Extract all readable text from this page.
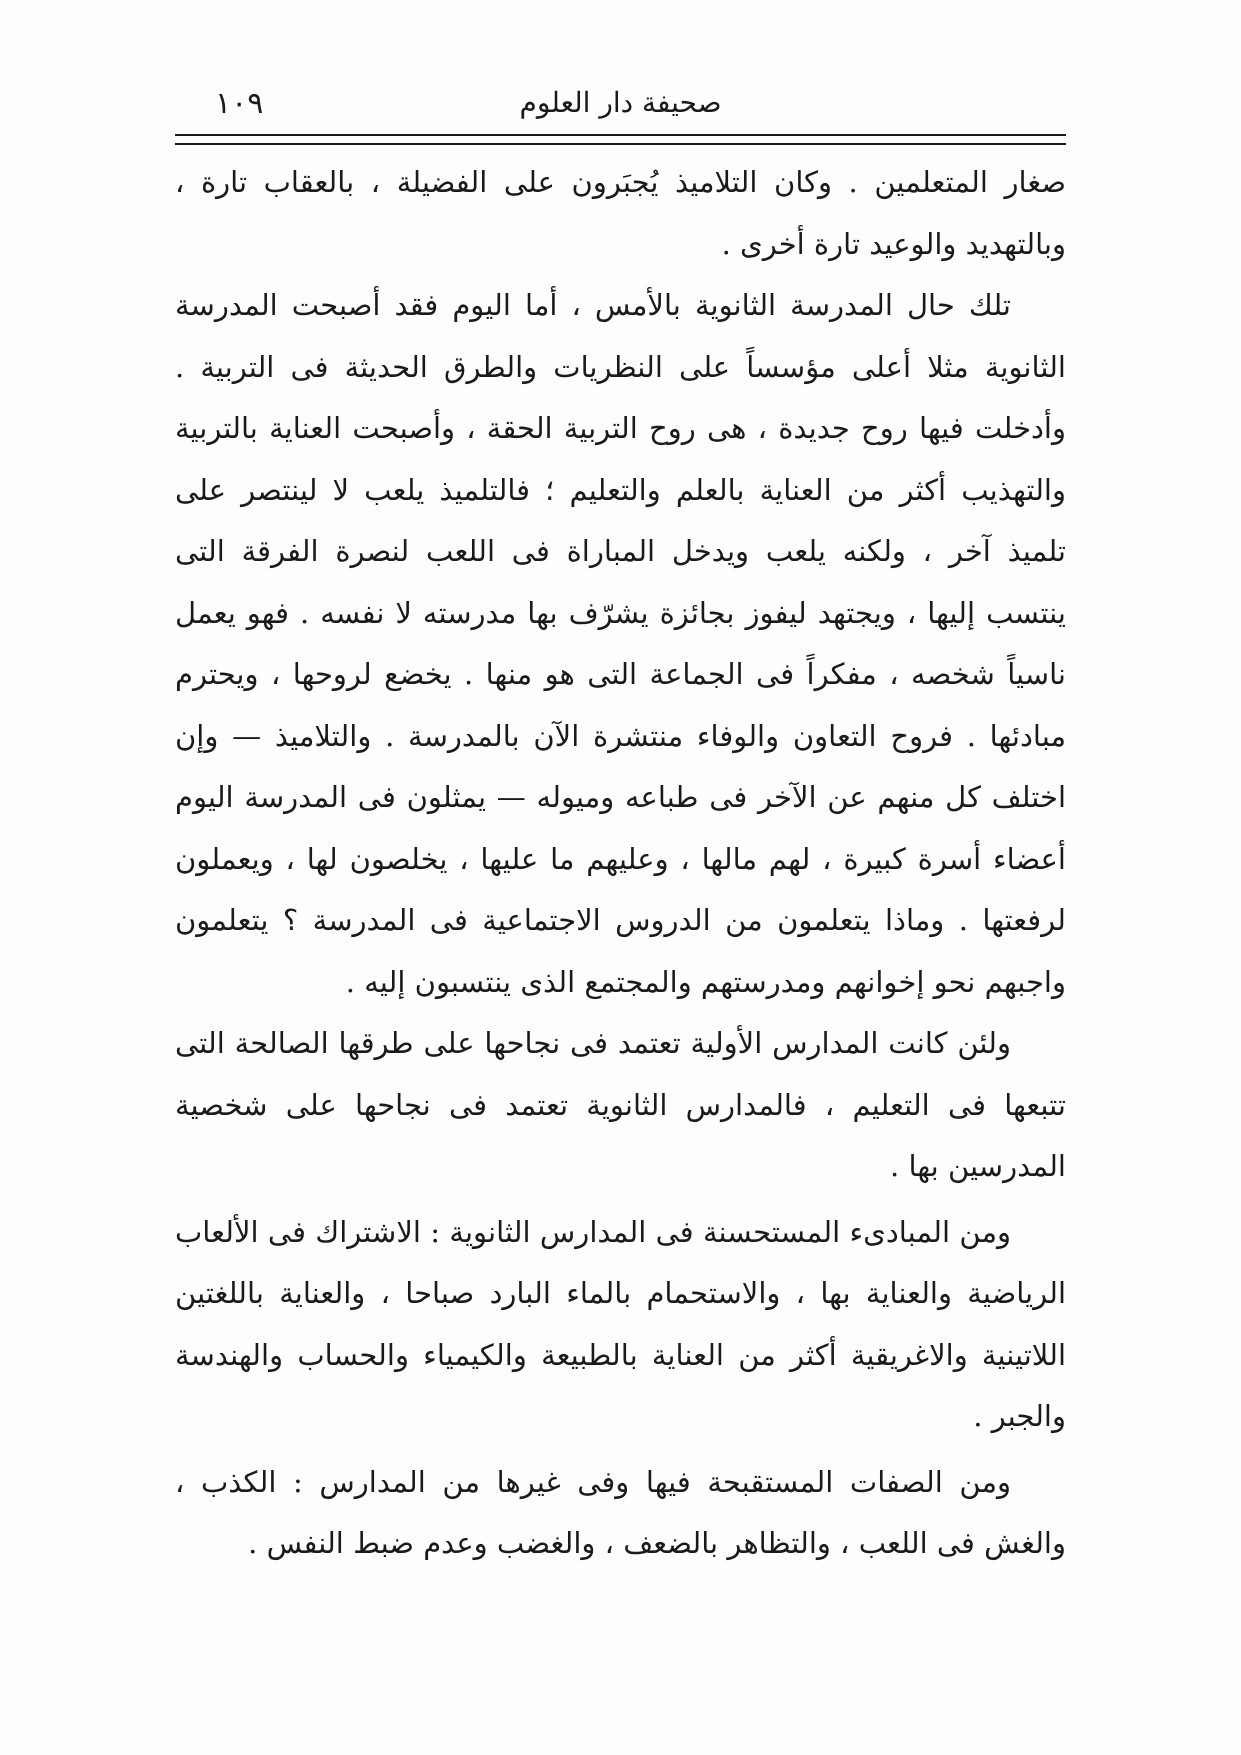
١٠٩	صحيفة دار العلوم

صغار المتعلمين . وكان التلاميذ يُجبَرون على الفضيلة ، بالعقاب تارة ، وبالتهديد والوعيد تارة أخرى .

تلك حال المدرسة الثانوية بالأمس ، أما اليوم فقد أصبحت المدرسة الثانوية مثلا أعلى مؤسساً على النظريات والطرق الحديثة فى التربية . وأدخلت فيها روح جديدة ، هى روح التربية الحقة ، وأصبحت العناية بالتربية والتهذيب أكثر من العناية بالعلم والتعليم ؛ فالتلميذ يلعب لا لينتصر على تلميذ آخر ، ولكنه يلعب ويدخل المباراة فى اللعب لنصرة الفرقة التى ينتسب إليها ، ويجتهد ليفوز بجائزة يشرّف بها مدرسته لا نفسه . فهو يعمل ناسياً شخصه ، مفكراً فى الجماعة التى هو منها . يخضع لروحها ، ويحترم مبادئها . فروح التعاون والوفاء منتشرة الآن بالمدرسة . والتلاميذ — وإن اختلف كل منهم عن الآخر فى طباعه وميوله — يمثلون فى المدرسة اليوم أعضاء أسرة كبيرة ، لهم مالها ، وعليهم ما عليها ، يخلصون لها ، ويعملون لرفعتها . وماذا يتعلمون من الدروس الاجتماعية فى المدرسة ؟ يتعلمون واجبهم نحو إخوانهم ومدرستهم والمجتمع الذى ينتسبون إليه .

ولئن كانت المدارس الأولية تعتمد فى نجاحها على طرقها الصالحة التى تتبعها فى التعليم ، فالمدارس الثانوية تعتمد فى نجاحها على شخصية المدرسين بها .

ومن المبادىء المستحسنة فى المدارس الثانوية : الاشتراك فى الألعاب الرياضية والعناية بها ، والاستحمام بالماء البارد صباحا ، والعناية باللغتين اللاتينية والاغريقية أكثر من العناية بالطبيعة والكيمياء والحساب والهندسة والجبر .

ومن الصفات المستقبحة فيها وفى غيرها من المدارس : الكذب ، والغش فى اللعب ، والتظاهر بالضعف ، والغضب وعدم ضبط النفس .
